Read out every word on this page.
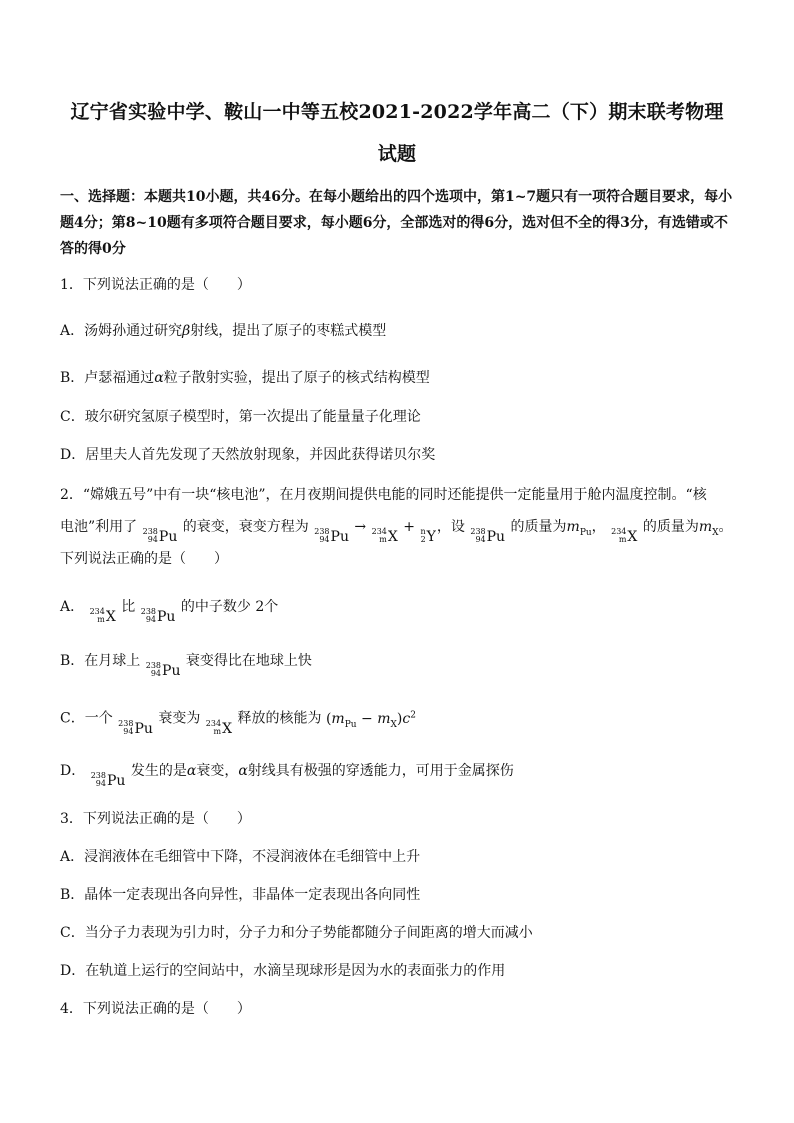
辽宁省实验中学、鞍山一中等五校2021-2022学年高二（下）期末联考物理
试题
一、选择题：本题共10小题，共46分。在每小题给出的四个选项中，第1~7题只有一项符合题目要求，每小题4分；第8~10题有多项符合题目要求，每小题6分，全部选对的得6分，选对但不全的得3分，有选错或不答的得0分
1．下列说法正确的是（　　）
A．汤姆孙通过研究β射线，提出了原子的枣糕式模型
B．卢瑟福通过α粒子散射实验，提出了原子的核式结构模型
C．玻尔研究氢原子模型时，第一次提出了能量量子化理论
D．居里夫人首先发现了天然放射现象，并因此获得诺贝尔奖
2．“嫦娥五号”中有一块“核电池”，在月夜期间提供电能的同时还能提供一定能量用于舱内温度控制。“核
电池”利用了 238
94 Pu
的衰变，衰变方程为 238
94 Pu
→ 234
m X
+ n
2 Y
，设 238
94 Pu
的质量为$m_{Pu}$， 234
m X
的质量为$m_X$。
下列说法正确的是（　　）
A． 234
m X
比 238
94 Pu
的中子数少 2个
B．在月球上 238
94 Pu
衰变得比在地球上快
C．一个 238
94 Pu
衰变为 234
m X
释放的核能为 $(m_{Pu} - m_X)c^2$
D． 238
94 Pu
发生的是α衰变，α射线具有极强的穿透能力，可用于金属探伤
3．下列说法正确的是（　　）
A．浸润液体在毛细管中下降，不浸润液体在毛细管中上升
B．晶体一定表现出各向异性，非晶体一定表现出各向同性
C．当分子力表现为引力时，分子力和分子势能都随分子间距离的增大而减小
D．在轨道上运行的空间站中，水滴呈现球形是因为水的表面张力的作用
4．下列说法正确的是（　　）
